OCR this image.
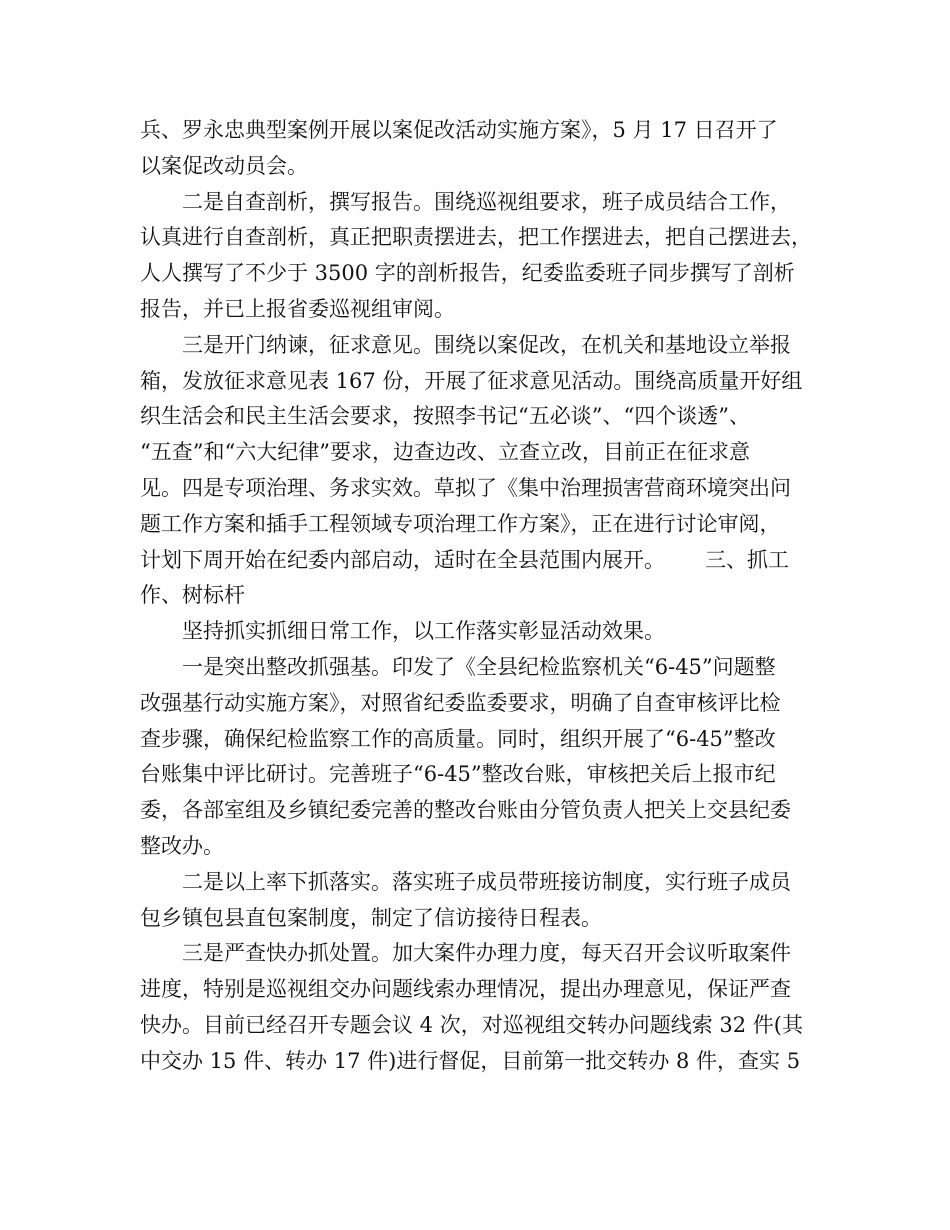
兵、罗永忠典型案例开展以案促改活动实施方案》，5 月 17 日召开了
以案促改动员会。
二是自查剖析，撰写报告。围绕巡视组要求，班子成员结合工作，
认真进行自查剖析，真正把职责摆进去，把工作摆进去，把自己摆进去，
人人撰写了不少于 3500 字的剖析报告，纪委监委班子同步撰写了剖析
报告，并已上报省委巡视组审阅。
三是开门纳谏，征求意见。围绕以案促改，在机关和基地设立举报
箱，发放征求意见表 167 份，开展了征求意见活动。围绕高质量开好组
织生活会和民主生活会要求，按照李书记“五必谈”、“四个谈透”、
“五查”和“六大纪律”要求，边查边改、立查立改，目前正在征求意
见。四是专项治理、务求实效。草拟了《集中治理损害营商环境突出问
题工作方案和插手工程领域专项治理工作方案》，正在进行讨论审阅，
计划下周开始在纪委内部启动，适时在全县范围内展开。 三、抓工
作、树标杆
坚持抓实抓细日常工作，以工作落实彰显活动效果。
一是突出整改抓强基。印发了《全县纪检监察机关“6-45”问题整
改强基行动实施方案》，对照省纪委监委要求，明确了自查审核评比检
查步骤，确保纪检监察工作的高质量。同时，组织开展了“6-45”整改
台账集中评比研讨。完善班子“6-45”整改台账，审核把关后上报市纪
委，各部室组及乡镇纪委完善的整改台账由分管负责人把关上交县纪委
整改办。
二是以上率下抓落实。落实班子成员带班接访制度，实行班子成员
包乡镇包县直包案制度，制定了信访接待日程表。
三是严查快办抓处置。加大案件办理力度，每天召开会议听取案件
进度，特别是巡视组交办问题线索办理情况，提出办理意见，保证严查
快办。目前已经召开专题会议 4 次，对巡视组交转办问题线索 32 件(其
中交办 15 件、转办 17 件)进行督促，目前第一批交转办 8 件，查实 5
